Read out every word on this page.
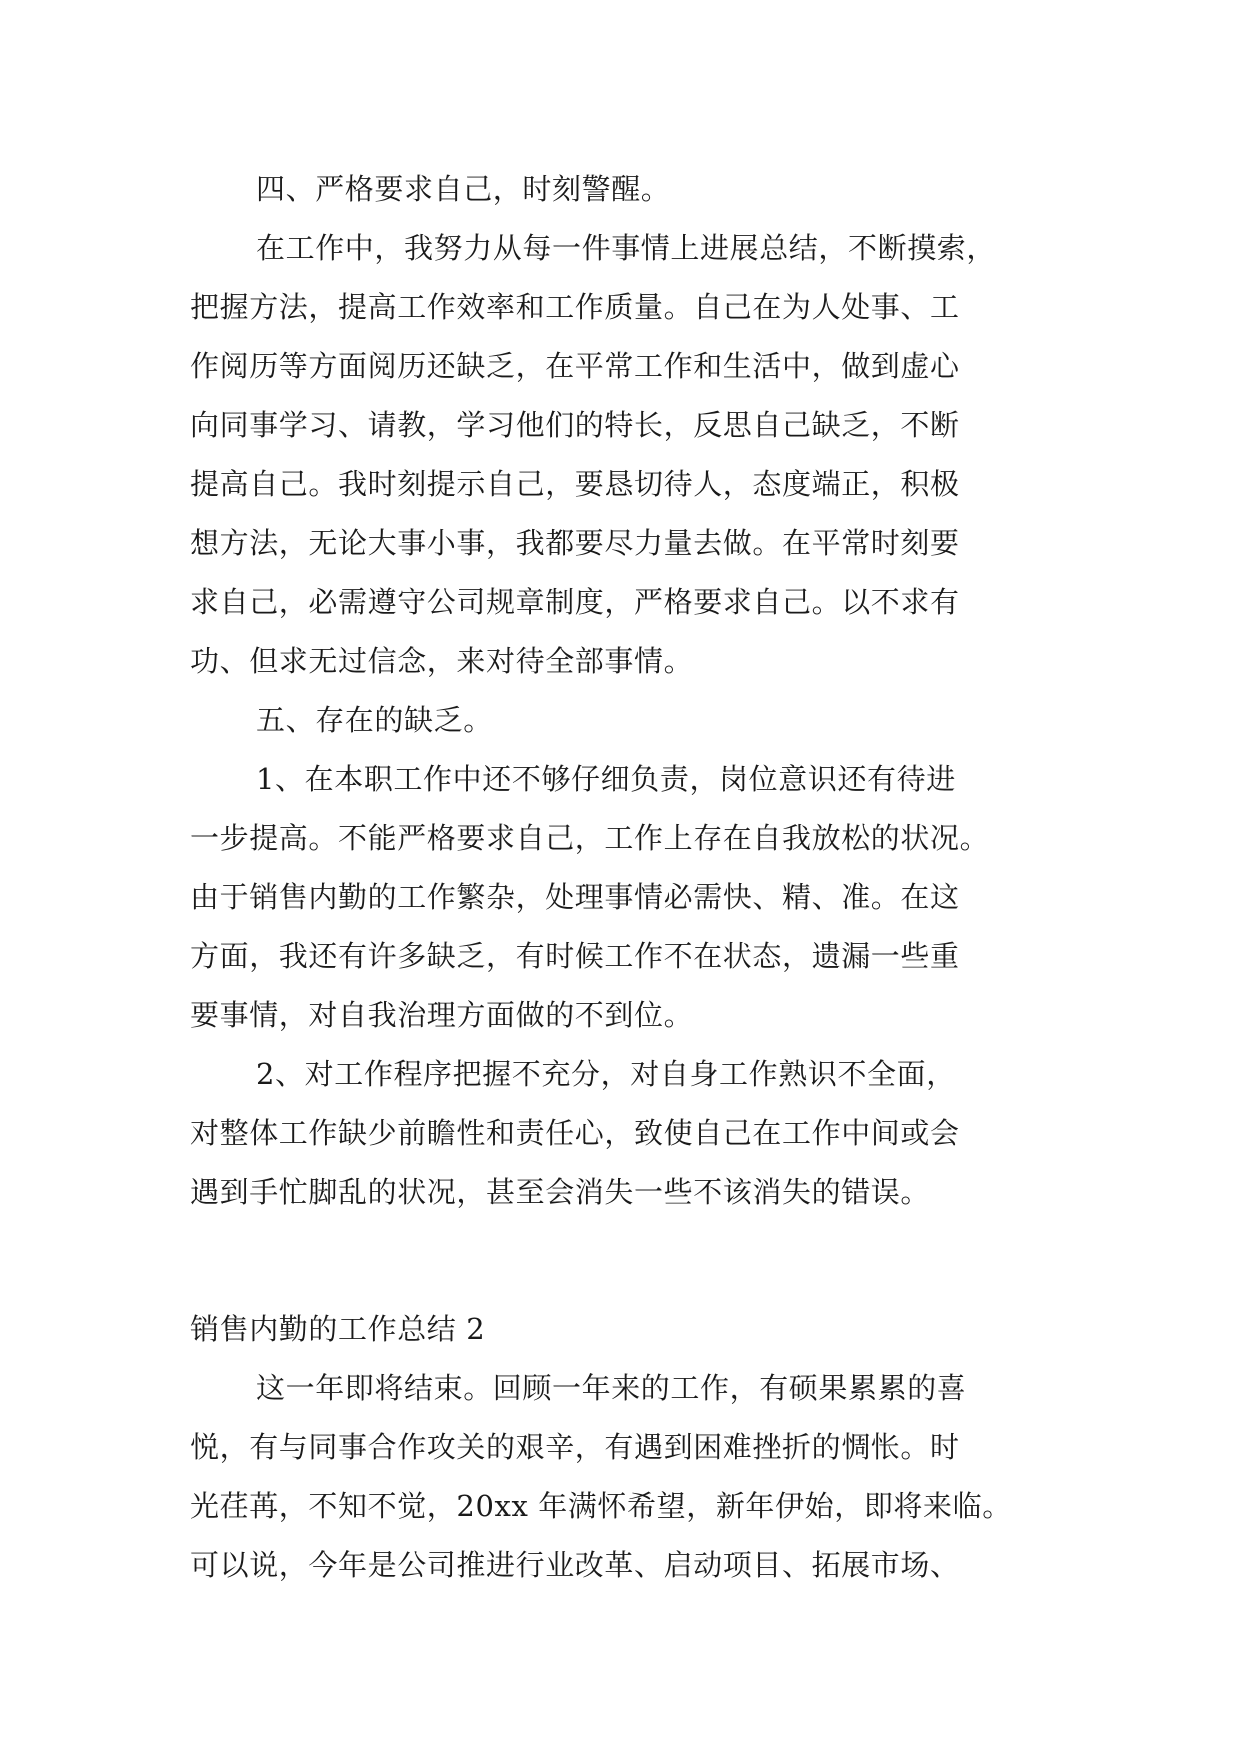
四、严格要求自己，时刻警醒。
在工作中，我努力从每一件事情上进展总结，不断摸索，
把握方法，提高工作效率和工作质量。自己在为人处事、工
作阅历等方面阅历还缺乏，在平常工作和生活中，做到虚心
向同事学习、请教，学习他们的特长，反思自己缺乏，不断
提高自己。我时刻提示自己，要恳切待人，态度端正，积极
想方法，无论大事小事，我都要尽力量去做。在平常时刻要
求自己，必需遵守公司规章制度，严格要求自己。以不求有
功、但求无过信念，来对待全部事情。
五、存在的缺乏。
1、在本职工作中还不够仔细负责，岗位意识还有待进
一步提高。不能严格要求自己，工作上存在自我放松的状况。
由于销售内勤的工作繁杂，处理事情必需快、精、准。在这
方面，我还有许多缺乏，有时候工作不在状态，遗漏一些重
要事情，对自我治理方面做的不到位。
2、对工作程序把握不充分，对自身工作熟识不全面，
对整体工作缺少前瞻性和责任心，致使自己在工作中间或会
遇到手忙脚乱的状况，甚至会消失一些不该消失的错误。
销售内勤的工作总结 2
这一年即将结束。回顾一年来的工作，有硕果累累的喜
悦，有与同事合作攻关的艰辛，有遇到困难挫折的惆怅。时
光荏苒，不知不觉，20xx 年满怀希望，新年伊始，即将来临。
可以说，今年是公司推进行业改革、启动项目、拓展市场、
